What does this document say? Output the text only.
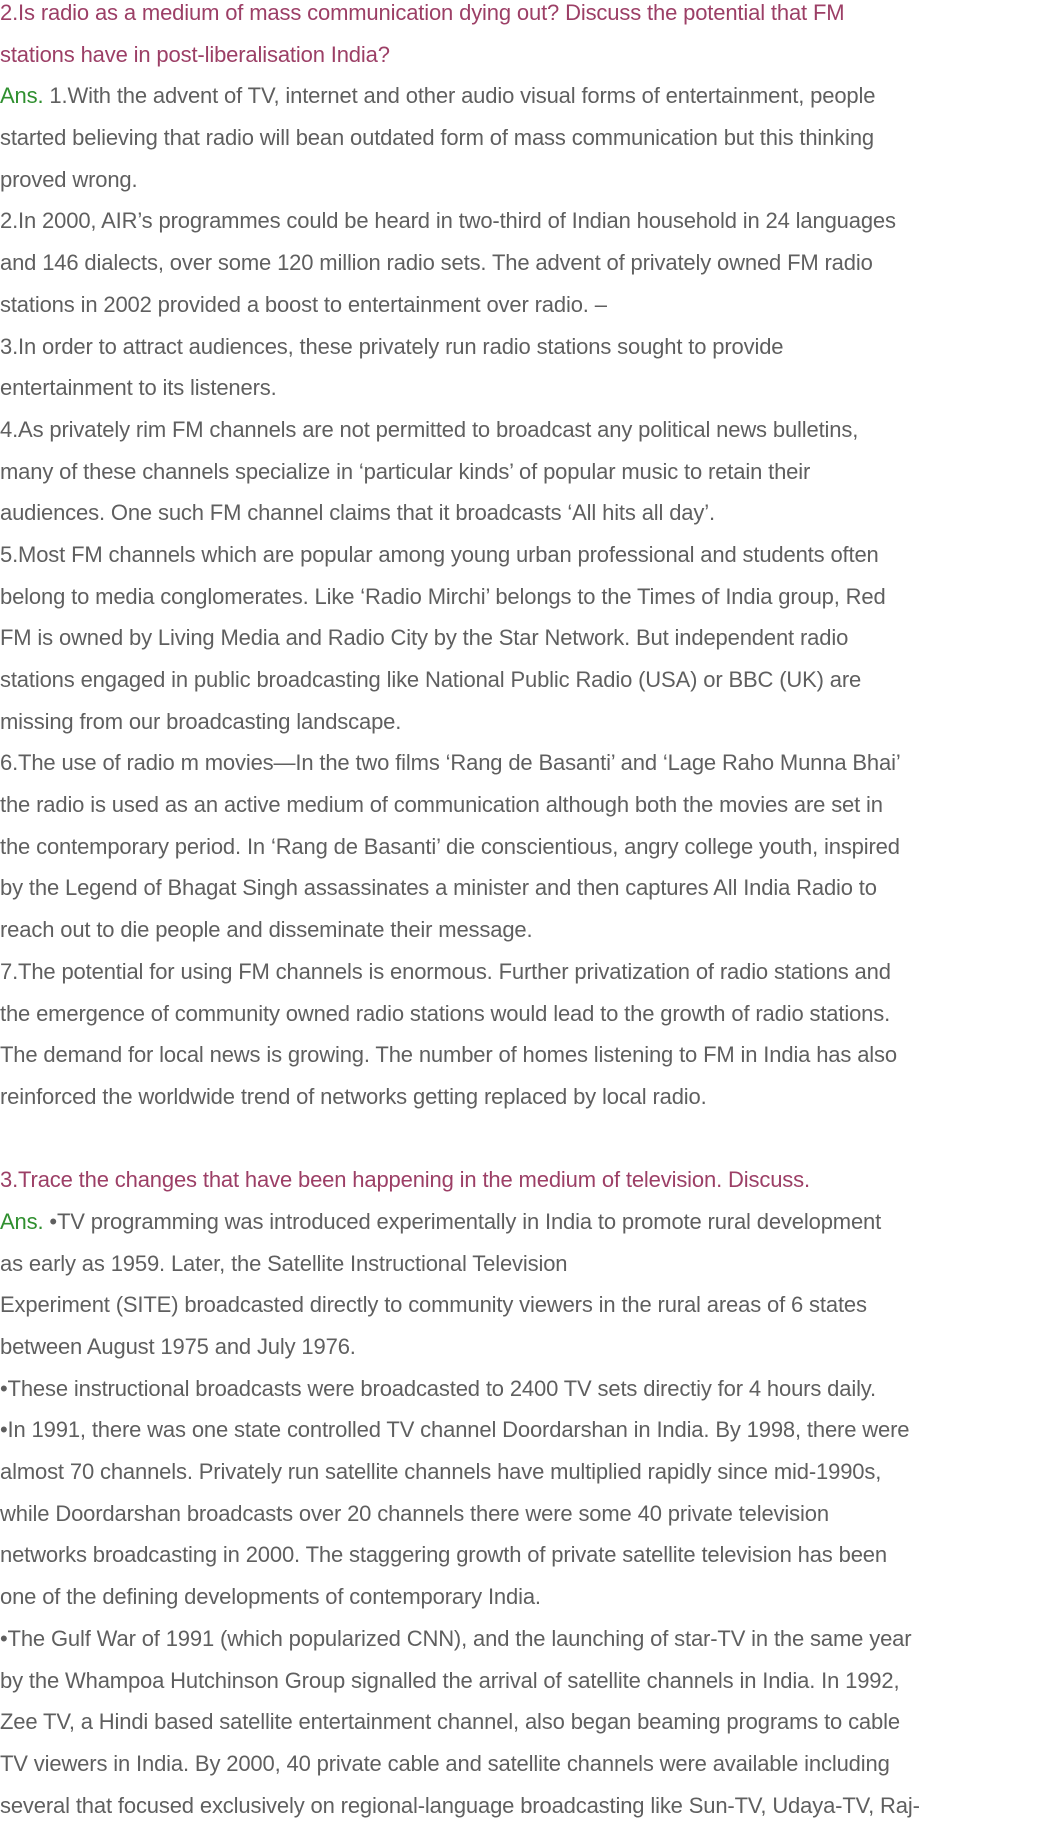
2.Is radio as a medium of mass communication dying out? Discuss the potential that FM
stations have in post-liberalisation India?
Ans. 1.With the advent of TV, internet and other audio visual forms of entertainment, people
started believing that radio will bean outdated form of mass communication but this thinking
proved wrong.
2.In 2000, AIR’s programmes could be heard in two-third of Indian household in 24 languages
and 146 dialects, over some 120 million radio sets. The advent of privately owned FM radio
stations in 2002 provided a boost to entertainment over radio. –
3.In order to attract audiences, these privately run radio stations sought to provide
entertainment to its listeners.
4.As privately rim FM channels are not permitted to broadcast any political news bulletins,
many of these channels specialize in ‘particular kinds’ of popular music to retain their
audiences. One such FM channel claims that it broadcasts ‘All hits all day’.
5.Most FM channels which are popular among young urban professional and students often
belong to media conglomerates. Like ‘Radio Mirchi’ belongs to the Times of India group, Red
FM is owned by Living Media and Radio City by the Star Network. But independent radio
stations engaged in public broadcasting like National Public Radio (USA) or BBC (UK) are
missing from our broadcasting landscape.
6.The use of radio m movies—In the two films ‘Rang de Basanti’ and ‘Lage Raho Munna Bhai’
the radio is used as an active medium of communication although both the movies are set in
the contemporary period. In ‘Rang de Basanti’ die conscientious, angry college youth, inspired
by the Legend of Bhagat Singh assassinates a minister and then captures All India Radio to
reach out to die people and disseminate their message.
7.The potential for using FM channels is enormous. Further privatization of radio stations and
the emergence of community owned radio stations would lead to the growth of radio stations.
The demand for local news is growing. The number of homes listening to FM in India has also
reinforced the worldwide trend of networks getting replaced by local radio.
3.Trace the changes that have been happening in the medium of television. Discuss.
Ans. •TV programming was introduced experimentally in India to promote rural development
as early as 1959. Later, the Satellite Instructional Television
Experiment (SITE) broadcasted directly to community viewers in the rural areas of 6 states
between August 1975 and July 1976.
•These instructional broadcasts were broadcasted to 2400 TV sets directiy for 4 hours daily.
•In 1991, there was one state controlled TV channel Doordarshan in India. By 1998, there were
almost 70 channels. Privately run satellite channels have multiplied rapidly since mid-1990s,
while Doordarshan broadcasts over 20 channels there were some 40 private television
networks broadcasting in 2000. The staggering growth of private satellite television has been
one of the defining developments of contemporary India.
•The Gulf War of 1991 (which popularized CNN), and the launching of star-TV in the same year
by the Whampoa Hutchinson Group signalled the arrival of satellite channels in India. In 1992,
Zee TV, a Hindi based satellite entertainment channel, also began beaming programs to cable
TV viewers in India. By 2000, 40 private cable and satellite channels were available including
several that focused exclusively on regional-language broadcasting like Sun-TV, Udaya-TV, Raj-
